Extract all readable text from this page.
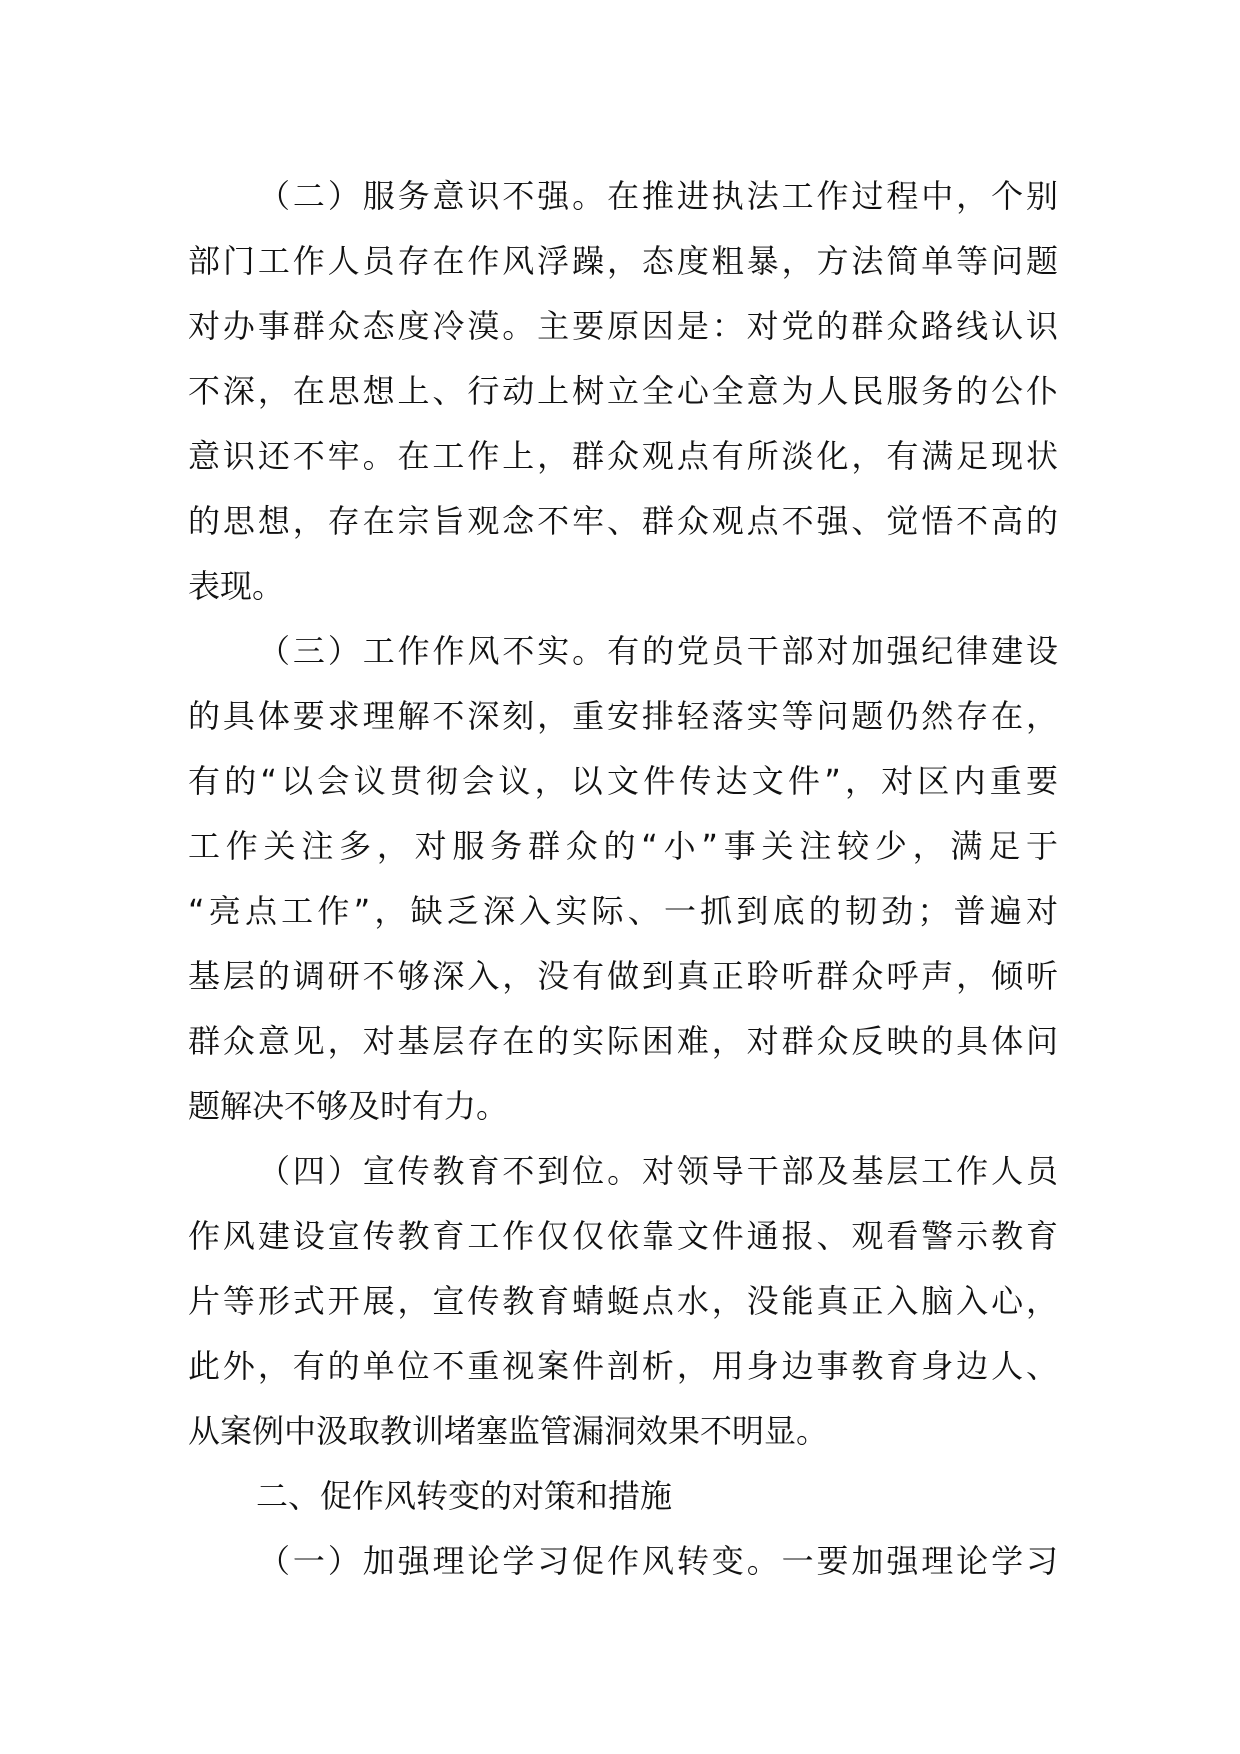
（二）服务意识不强。在推进执法工作过程中，个别
部门工作人员存在作风浮躁，态度粗暴，方法简单等问题
对办事群众态度冷漠。主要原因是：对党的群众路线认识
不深，在思想上、行动上树立全心全意为人民服务的公仆
意识还不牢。在工作上，群众观点有所淡化，有满足现状
的思想，存在宗旨观念不牢、群众观点不强、觉悟不高的
表现。
（三）工作作风不实。有的党员干部对加强纪律建设
的具体要求理解不深刻，重安排轻落实等问题仍然存在，
有的“以会议贯彻会议，以文件传达文件”，对区内重要
工作关注多，对服务群众的“小”事关注较少，满足于
“亮点工作”，缺乏深入实际、一抓到底的韧劲；普遍对
基层的调研不够深入，没有做到真正聆听群众呼声，倾听
群众意见，对基层存在的实际困难，对群众反映的具体问
题解决不够及时有力。
（四）宣传教育不到位。对领导干部及基层工作人员
作风建设宣传教育工作仅仅依靠文件通报、观看警示教育
片等形式开展，宣传教育蜻蜓点水，没能真正入脑入心，
此外，有的单位不重视案件剖析，用身边事教育身边人、
从案例中汲取教训堵塞监管漏洞效果不明显。
二、促作风转变的对策和措施
（一）加强理论学习促作风转变。一要加强理论学习
